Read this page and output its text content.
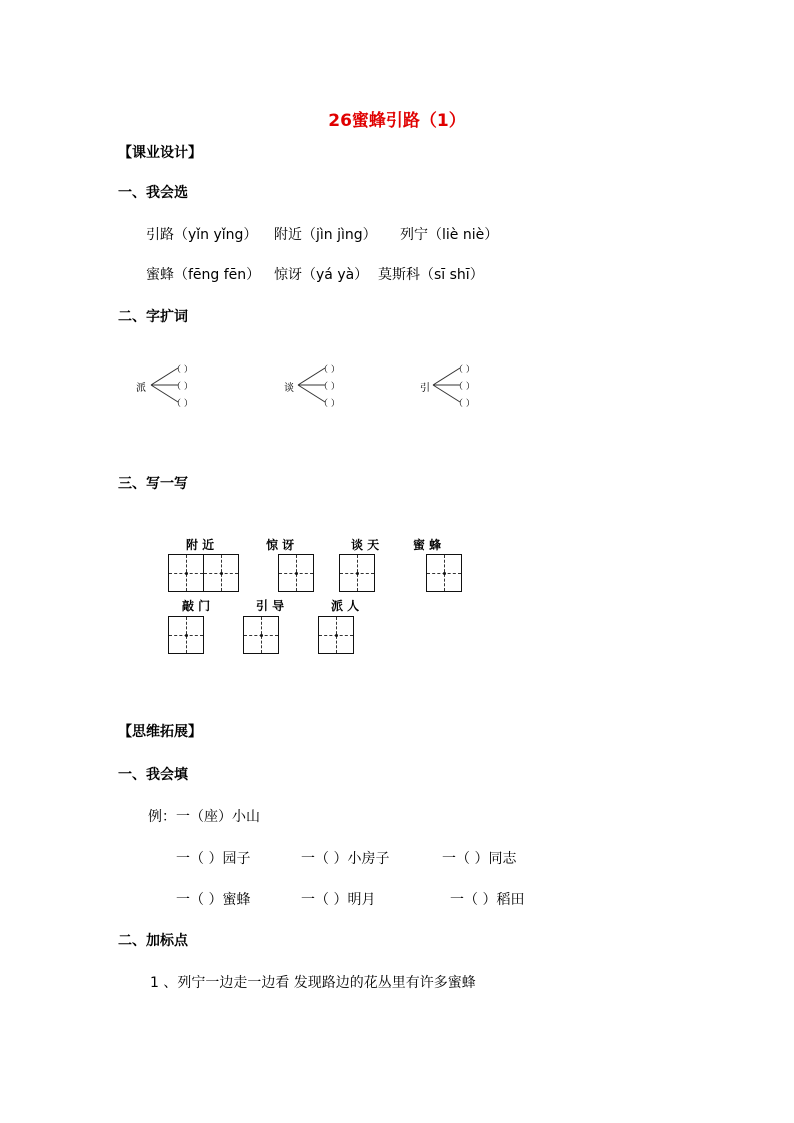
26蜜蜂引路（1）
【课业设计】
一、我会选
引路（yǐn yǐng） 附近（jìn jìng） 列宁（liè niè）
蜜蜂（fēng fēn） 惊讶（yá yà） 莫斯科（sī shī）
二、字扩词
派
（ ）
（ ）
（ ）
谈
（ ）
（ ）
（ ）
引
（ ）
（ ）
（ ）
三、写一写
附 近	惊 讶	谈 天	蜜 蜂
敲 门	引 导	派 人
【思维拓展】
一、我会填
例：一（座）小山
一（ ）园子	一（ ）小房子	一（ ）同志
一（ ）蜜蜂	一（ ）明月	一（ ）稻田
二、加标点
1 、列宁一边走一边看 发现路边的花丛里有许多蜜蜂
